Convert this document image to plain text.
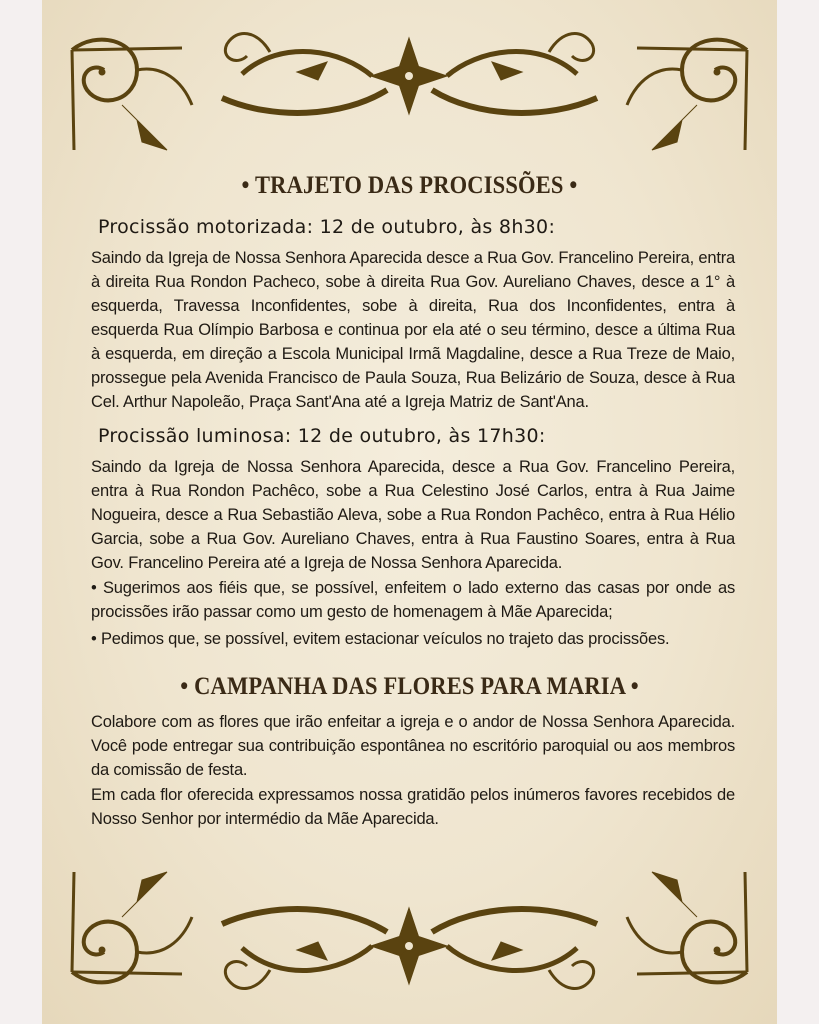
• TRAJETO DAS PROCISSÕES •
Procissão motorizada: 12 de outubro, às 8h30:
Saindo da Igreja de Nossa Senhora Aparecida desce a Rua Gov. Francelino Pereira, entra à direita Rua Rondon Pacheco, sobe à direita Rua Gov. Aureliano Chaves, desce a 1° à esquerda, Travessa Inconfidentes, sobe à direita, Rua dos Inconfidentes, entra à esquerda Rua Olímpio Barbosa e continua por ela até o seu término, desce a última Rua à esquerda, em direção a Escola Municipal Irmã Magdaline, desce a Rua Treze de Maio, prossegue pela Avenida Francisco de Paula Souza, Rua Belizário de Souza, desce à Rua Cel. Arthur Napoleão, Praça Sant'Ana até a Igreja Matriz de Sant'Ana.
Procissão luminosa: 12 de outubro, às 17h30:
Saindo da Igreja de Nossa Senhora Aparecida, desce a Rua Gov. Francelino Pereira, entra à Rua Rondon Pachêco, sobe a Rua Celestino José Carlos, entra à Rua Jaime Nogueira, desce a Rua Sebastião Aleva, sobe a Rua Rondon Pachêco, entra à Rua Hélio Garcia, sobe a Rua Gov. Aureliano Chaves, entra à Rua Faustino Soares, entra à Rua Gov. Francelino Pereira até a Igreja de Nossa Senhora Aparecida.
• Sugerimos aos fiéis que, se possível, enfeitem o lado externo das casas por onde as procissões irão passar como um gesto de homenagem à Mãe Aparecida;
• Pedimos que, se possível, evitem estacionar veículos no trajeto das procissões.
• CAMPANHA DAS FLORES PARA MARIA •
Colabore com as flores que irão enfeitar a igreja e o andor de Nossa Senhora Aparecida. Você pode entregar sua contribuição espontânea no escritório paroquial ou aos membros da comissão de festa.
Em cada flor oferecida expressamos nossa gratidão pelos inúmeros favores recebidos de Nosso Senhor por intermédio da Mãe Aparecida.
